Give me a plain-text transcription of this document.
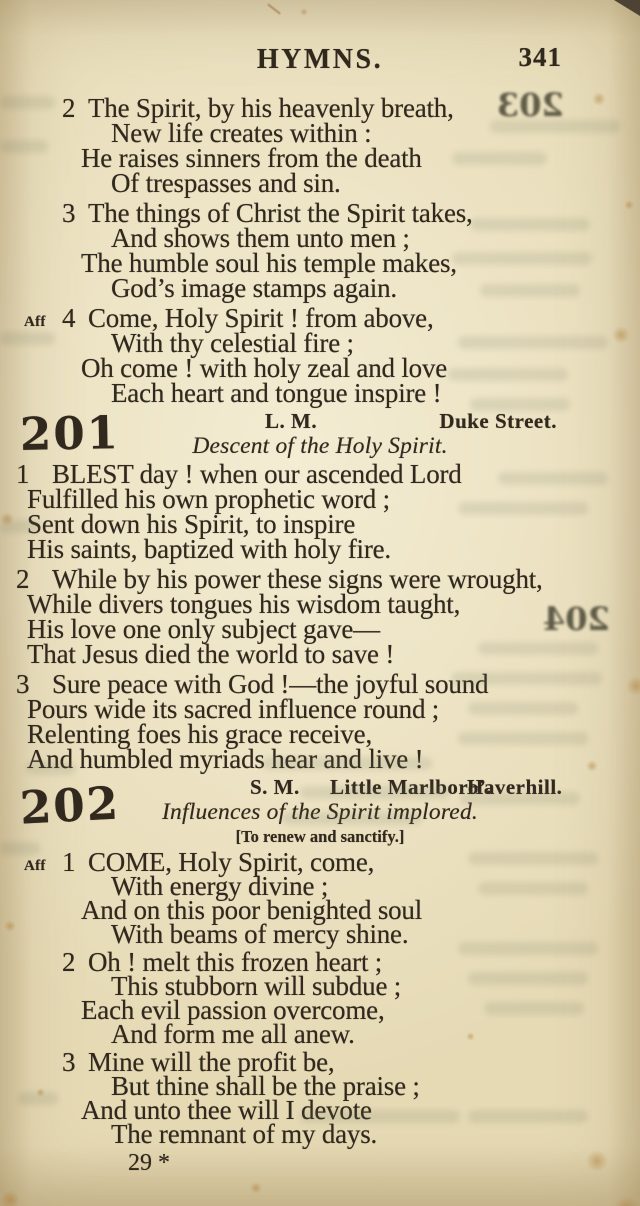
HYMNS.	341
2 The Spirit, by his heavenly breath,
New life creates within :
He raises sinners from the death
Of trespasses and sin.
3 The things of Christ the Spirit takes,
And shows them unto men ;
The humble soul his temple makes,
God’s image stamps again.
Aff 4 Come, Holy Spirit ! from above,
With thy celestial fire ;
Oh come ! with holy zeal and love
Each heart and tongue inspire !
201	L. M.	Duke Street.
Descent of the Holy Spirit.
1 BLEST day ! when our ascended Lord
Fulfilled his own prophetic word ;
Sent down his Spirit, to inspire
His saints, baptized with holy fire.
2 While by his power these signs were wrought,
While divers tongues his wisdom taught,
His love one only subject gave—
That Jesus died the world to save !
3 Sure peace with God !—the joyful sound
Pours wide its sacred influence round ;
Relenting foes his grace receive,
And humbled myriads hear and live !
202	S. M. Little Marlboro’.
Haverhill.
Influences of the Spirit implored.
[To renew and sanctify.]
Aff 1 COME, Holy Spirit, come,
With energy divine ;
And on this poor benighted soul
With beams of mercy shine.
2 Oh ! melt this frozen heart ;
This stubborn will subdue ;
Each evil passion overcome,
And form me all anew.
3 Mine will the profit be,
But thine shall be the praise ;
And unto thee will I devote
The remnant of my days.
29 *
203
204
